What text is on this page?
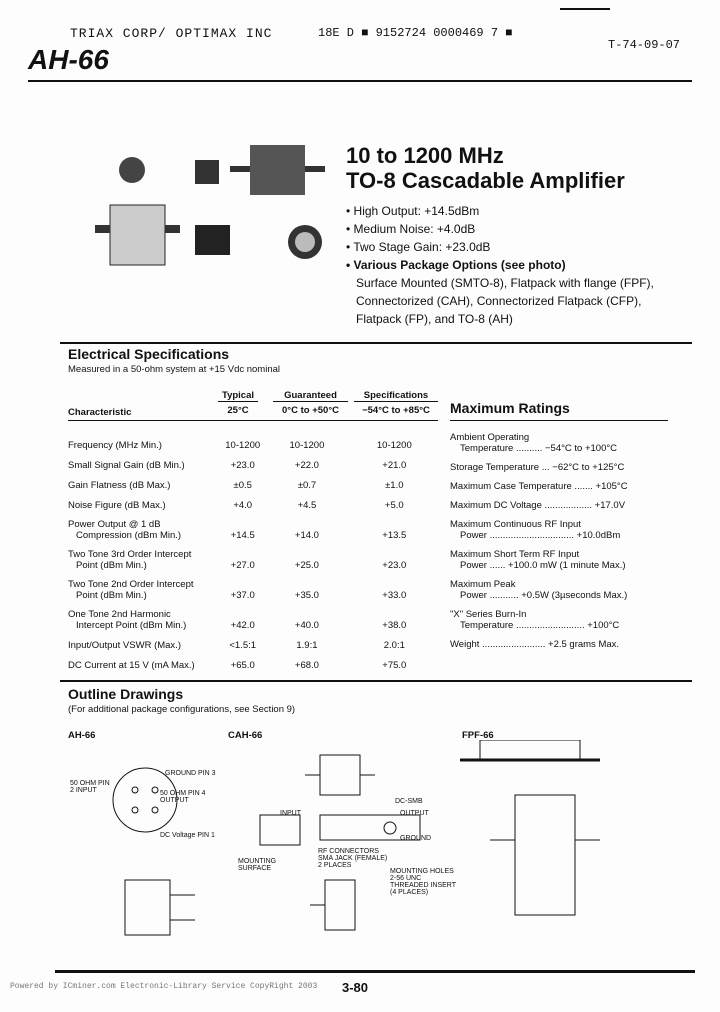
TRIAX CORP/ OPTIMAX INC	18E D ■ 9152724 0000469 7 ■
T-74-09-07
AH-66
10 to 1200 MHz
TO-8 Cascadable Amplifier
• High Output: +14.5dBm
• Medium Noise: +4.0dB
• Two Stage Gain: +23.0dB
• Various Package Options (see photo)
Surface Mounted (SMTO-8), Flatpack with flange (FPF),
Connectorized (CAH), Connectorized Flatpack (CFP),
Flatpack (FP), and TO-8 (AH)
Electrical Specifications
Measured in a 50-ohm system at +15 Vdc nominal
Typical	Guaranteed	Specifications
Characteristic	25°C	0°C to +50°C	−54°C to +85°C
Frequency (MHz Min.)	10-1200	10-1200	10-1200
Small Signal Gain (dB Min.)	+23.0	+22.0	+21.0
Gain Flatness (dB Max.)	±0.5	±0.7	±1.0
Noise Figure (dB Max.)	+4.0	+4.5	+5.0
Power Output @ 1 dB
Compression (dBm Min.)	+14.5	+14.0	+13.5
Two Tone 3rd Order Intercept
Point (dBm Min.)	+27.0	+25.0	+23.0
Two Tone 2nd Order Intercept
Point (dBm Min.)	+37.0	+35.0	+33.0
One Tone 2nd Harmonic
Intercept Point (dBm Min.)	+42.0	+40.0	+38.0
Input/Output VSWR (Max.)	<1.5:1	1.9:1	2.0:1
DC Current at 15 V (mA Max.)	+65.0	+68.0	+75.0
Maximum Ratings
Ambient Operating
Temperature .......... −54°C to +100°C
Storage Temperature ... −62°C to +125°C
Maximum Case Temperature ....... +105°C
Maximum DC Voltage .................. +17.0V
Maximum Continuous RF Input
Power ................................ +10.0dBm
Maximum Short Term RF Input
Power ...... +100.0 mW (1 minute Max.)
Maximum Peak
Power ........... +0.5W (3µseconds Max.)
"X" Series Burn-In
Temperature .......................... +100°C
Weight ........................ +2.5 grams Max.
Outline Drawings
(For additional package configurations, see Section 9)
AH-66	CAH-66	FPF-66
GROUND PIN 3
50 OHM PIN 4 OUTPUT
50 OHM PIN 2 INPUT
DC Voltage PIN 1
INPUT	OUTPUT
GROUND
DC-SMB
MOUNTING SURFACE
RF CONNECTORS SMA JACK (FEMALE) 2 PLACES
MOUNTING HOLES 2-56 UNC THREADED INSERT (4 PLACES)
Powered by ICminer.com Electronic-Library Service CopyRight 2003 3-80
